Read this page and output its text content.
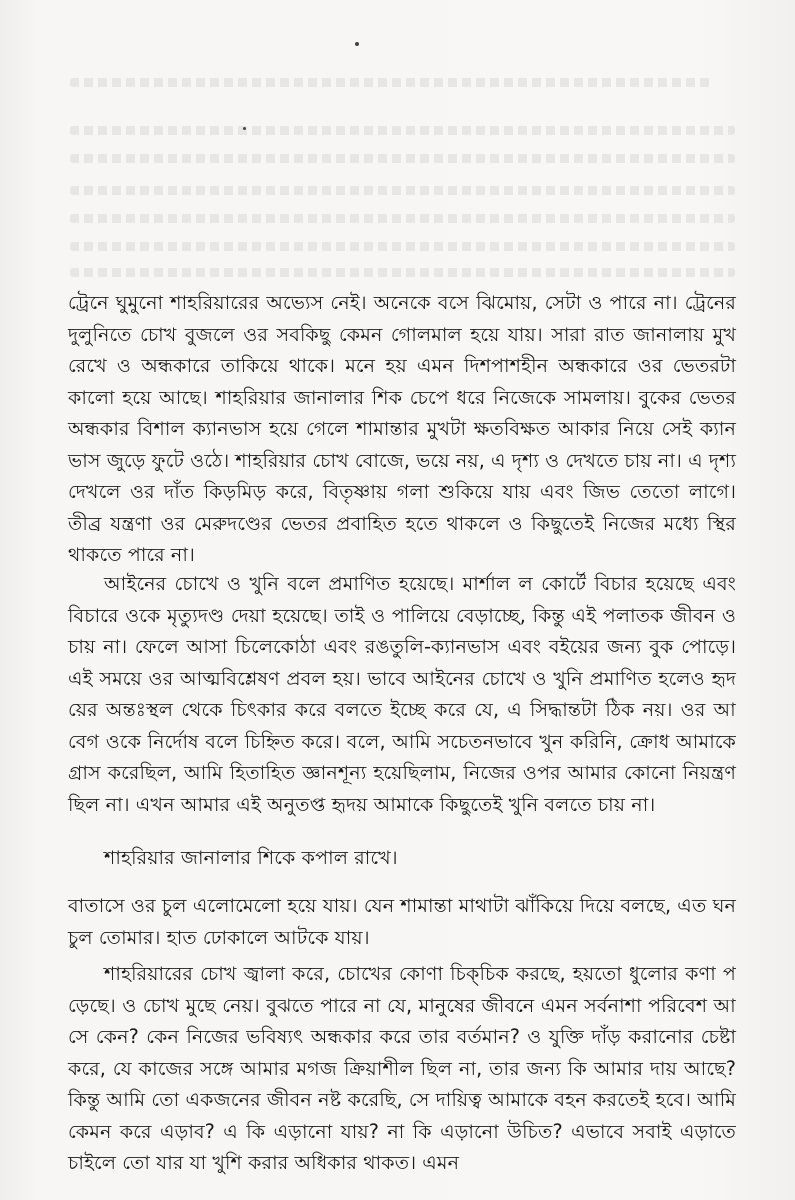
ট্রেনে ঘুমুনো শাহরিয়ারের অভ্যেস নেই। অনেকে বসে ঝিমোয়, সেটা ও পারে না। ট্রেনের দুলুনিতে চোখ বুজলে ওর সবকিছু কেমন গোলমাল হয়ে যায়। সারা রাত জানালায় মুখ রেখে ও অন্ধকারে তাকিয়ে থাকে। মনে হয় এমন দিশপাশহীন অন্ধকারে ওর ভেতরটা কালো হয়ে আছে। শাহরিয়ার জানালার শিক চেপে ধরে নিজেকে সামলায়। বুকের ভেতর অন্ধকার বিশাল ক্যানভাস হয়ে গেলে শামান্তার মুখটা ক্ষতবিক্ষত আকার নিয়ে সেই ক্যানভাস জুড়ে ফুটে ওঠে। শাহরিয়ার চোখ বোজে, ভয়ে নয়, এ দৃশ্য ও দেখতে চায় না। এ দৃশ্য দেখলে ওর দাঁত কিড়মিড় করে, বিতৃষ্ণায় গলা শুকিয়ে যায় এবং জিভ তেতো লাগে। তীব্র যন্ত্রণা ওর মেরুদণ্ডের ভেতর প্রবাহিত হতে থাকলে ও কিছুতেই নিজের মধ্যে স্থির থাকতে পারে না।

আইনের চোখে ও খুনি বলে প্রমাণিত হয়েছে। মার্শাল ল কোর্টে বিচার হয়েছে এবং বিচারে ওকে মৃত্যুদণ্ড দেয়া হয়েছে। তাই ও পালিয়ে বেড়াচ্ছে, কিন্তু এই পলাতক জীবন ও চায় না। ফেলে আসা চিলেকোঠা এবং রঙতুলি-ক্যানভাস এবং বইয়ের জন্য বুক পোড়ে। এই সময়ে ওর আত্মবিশ্লেষণ প্রবল হয়। ভাবে আইনের চোখে ও খুনি প্রমাণিত হলেও হৃদয়ের অন্তঃস্থল থেকে চিৎকার করে বলতে ইচ্ছে করে যে, এ সিদ্ধান্তটা ঠিক নয়। ওর আবেগ ওকে নির্দোষ বলে চিহ্নিত করে। বলে, আমি সচেতনভাবে খুন করিনি, ক্রোধ আমাকে গ্রাস করেছিল, আমি হিতাহিত জ্ঞানশূন্য হয়েছিলাম, নিজের ওপর আমার কোনো নিয়ন্ত্রণ ছিল না। এখন আমার এই অনুতপ্ত হৃদয় আমাকে কিছুতেই খুনি বলতে চায় না।

শাহরিয়ার জানালার শিকে কপাল রাখে।

বাতাসে ওর চুল এলোমেলো হয়ে যায়। যেন শামান্তা মাথাটা ঝাঁকিয়ে দিয়ে বলছে, এত ঘন চুল তোমার। হাত ঢোকালে আটকে যায়।

শাহরিয়ারের চোখ জ্বালা করে, চোখের কোণা চিক্‌চিক করছে, হয়তো ধুলোর কণা পড়েছে। ও চোখ মুছে নেয়। বুঝতে পারে না যে, মানুষের জীবনে এমন সর্বনাশা পরিবেশ আসে কেন? কেন নিজের ভবিষ্যৎ অন্ধকার করে তার বর্তমান? ও যুক্তি দাঁড় করানোর চেষ্টা করে, যে কাজের সঙ্গে আমার মগজ ক্রিয়াশীল ছিল না, তার জন্য কি আমার দায় আছে? কিন্তু আমি তো একজনের জীবন নষ্ট করেছি, সে দায়িত্ব আমাকে বহন করতেই হবে। আমি কেমন করে এড়াব? এ কি এড়ানো যায়? না কি এড়ানো উচিত? এভাবে সবাই এড়াতে চাইলে তো যার যা খুশি করার অধিকার থাকত। এমন
